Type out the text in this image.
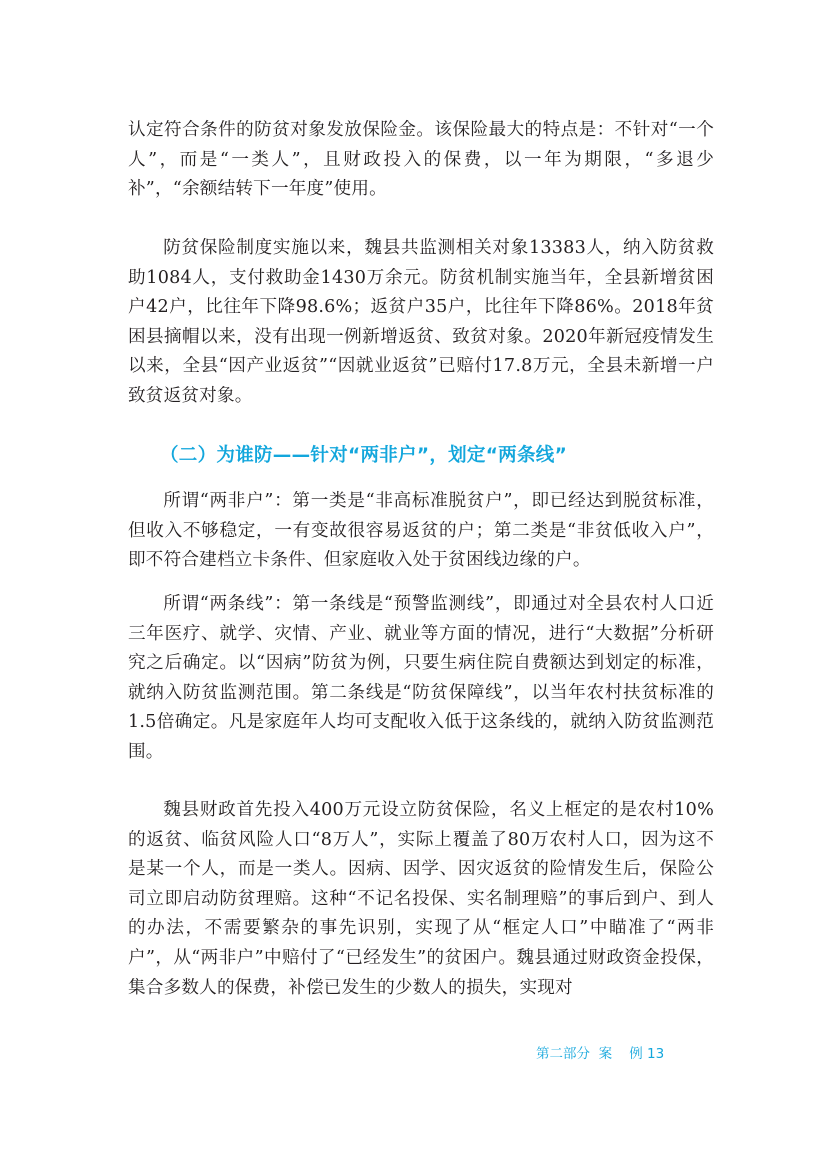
认定符合条件的防贫对象发放保险金。该保险最大的特点是：不针对“一个人”，而是“一类人”，且财政投入的保费，以一年为期限，“多退少补”，“余额结转下一年度”使用。

防贫保险制度实施以来，魏县共监测相关对象13383人，纳入防贫救助1084人，支付救助金1430万余元。防贫机制实施当年，全县新增贫困户42户，比往年下降98.6%；返贫户35户，比往年下降86%。2018年贫困县摘帽以来，没有出现一例新增返贫、致贫对象。2020年新冠疫情发生以来，全县“因产业返贫”“因就业返贫”已赔付17.8万元，全县未新增一户致贫返贫对象。

（二）为谁防——针对“两非户”，划定“两条线”

所谓“两非户”：第一类是“非高标准脱贫户”，即已经达到脱贫标准，但收入不够稳定，一有变故很容易返贫的户；第二类是“非贫低收入户”，即不符合建档立卡条件、但家庭收入处于贫困线边缘的户。

所谓“两条线”：第一条线是“预警监测线”，即通过对全县农村人口近三年医疗、就学、灾情、产业、就业等方面的情况，进行“大数据”分析研究之后确定。以“因病”防贫为例，只要生病住院自费额达到划定的标准，就纳入防贫监测范围。第二条线是“防贫保障线”，以当年农村扶贫标准的1.5倍确定。凡是家庭年人均可支配收入低于这条线的，就纳入防贫监测范围。

魏县财政首先投入400万元设立防贫保险，名义上框定的是农村10%的返贫、临贫风险人口“8万人”，实际上覆盖了80万农村人口，因为这不是某一个人，而是一类人。因病、因学、因灾返贫的险情发生后，保险公司立即启动防贫理赔。这种“不记名投保、实名制理赔”的事后到户、到人的办法，不需要繁杂的事先识别，实现了从“框定人口”中瞄准了“两非户”，从“两非户”中赔付了“已经发生”的贫困户。魏县通过财政资金投保，集合多数人的保费，补偿已发生的少数人的损失，实现对

第二部分  案    例 13
